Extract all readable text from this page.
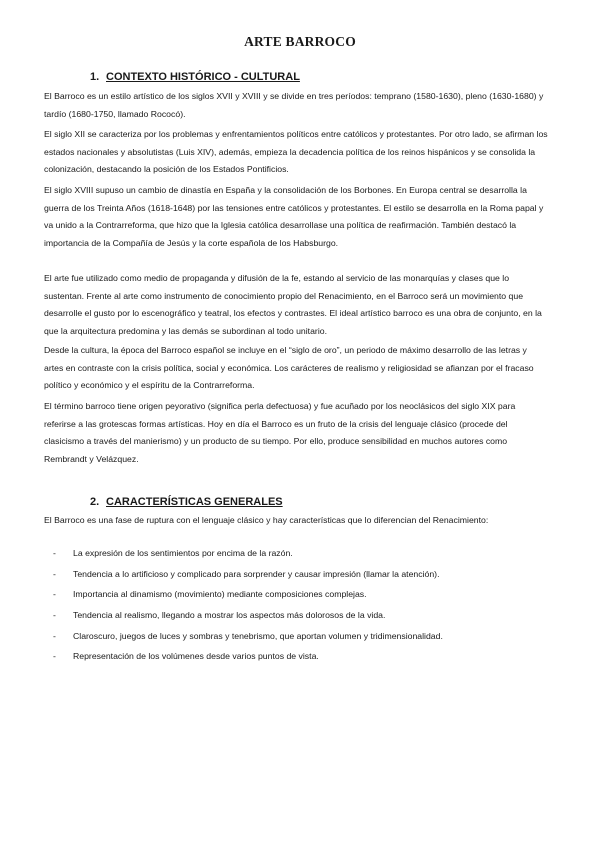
ARTE BARROCO
1. CONTEXTO HISTÓRICO - CULTURAL

El Barroco es un estilo artístico de los siglos XVII y XVIII y se divide en tres períodos: temprano (1580-1630), pleno (1630-1680) y tardío (1680-1750, llamado Rococó).

El siglo XII se caracteriza por los problemas y enfrentamientos políticos entre católicos y protestantes. Por otro lado, se afirman los estados nacionales y absolutistas (Luis XIV), además, empieza la decadencia política de los reinos hispánicos y se consolida la colonización, destacando la posición de los Estados Pontificios.

El siglo XVIII supuso un cambio de dinastía en España y la consolidación de los Borbones. En Europa central se desarrolla la guerra de los Treinta Años (1618-1648) por las tensiones entre católicos y protestantes. El estilo se desarrolla en la Roma papal y va unido a la Contrarreforma, que hizo que la Iglesia católica desarrollase una política de reafirmación. También destacó la importancia de la Compañía de Jesús y la corte española de los Habsburgo.

El arte fue utilizado como medio de propaganda y difusión de la fe, estando al servicio de las monarquías y clases que lo sustentan. Frente al arte como instrumento de conocimiento propio del Renacimiento, en el Barroco será un movimiento que desarrolle el gusto por lo escenográfico y teatral, los efectos y contrastes. El ideal artístico barroco es una obra de conjunto, en la que la arquitectura predomina y las demás se subordinan al todo unitario.

Desde la cultura, la época del Barroco español se incluye en el “siglo de oro”, un periodo de máximo desarrollo de las letras y artes en contraste con la crisis política, social y económica. Los carácteres de realismo y religiosidad se afianzan por el fracaso político y económico y el espíritu de la Contrarreforma.

El término barroco tiene origen peyorativo (significa perla defectuosa) y fue acuñado por los neoclásicos del siglo XIX para referirse a las grotescas formas artísticas. Hoy en día el Barroco es un fruto de la crisis del lenguaje clásico (procede del clasicismo a través del manierismo) y un producto de su tiempo. Por ello, produce sensibilidad en muchos autores como Rembrandt y Velázquez.

2. CARACTERÍSTICAS GENERALES

El Barroco es una fase de ruptura con el lenguaje clásico y hay características que lo diferencian del Renacimiento:

- La expresión de los sentimientos por encima de la razón.
- Tendencia a lo artificioso y complicado para sorprender y causar impresión (llamar la atención).
- Importancia al dinamismo (movimiento) mediante composiciones complejas.
- Tendencia al realismo, llegando a mostrar los aspectos más dolorosos de la vida.
- Claroscuro, juegos de luces y sombras y tenebrismo, que aportan volumen y tridimensionalidad.
- Representación de los volúmenes desde varios puntos de vista.
